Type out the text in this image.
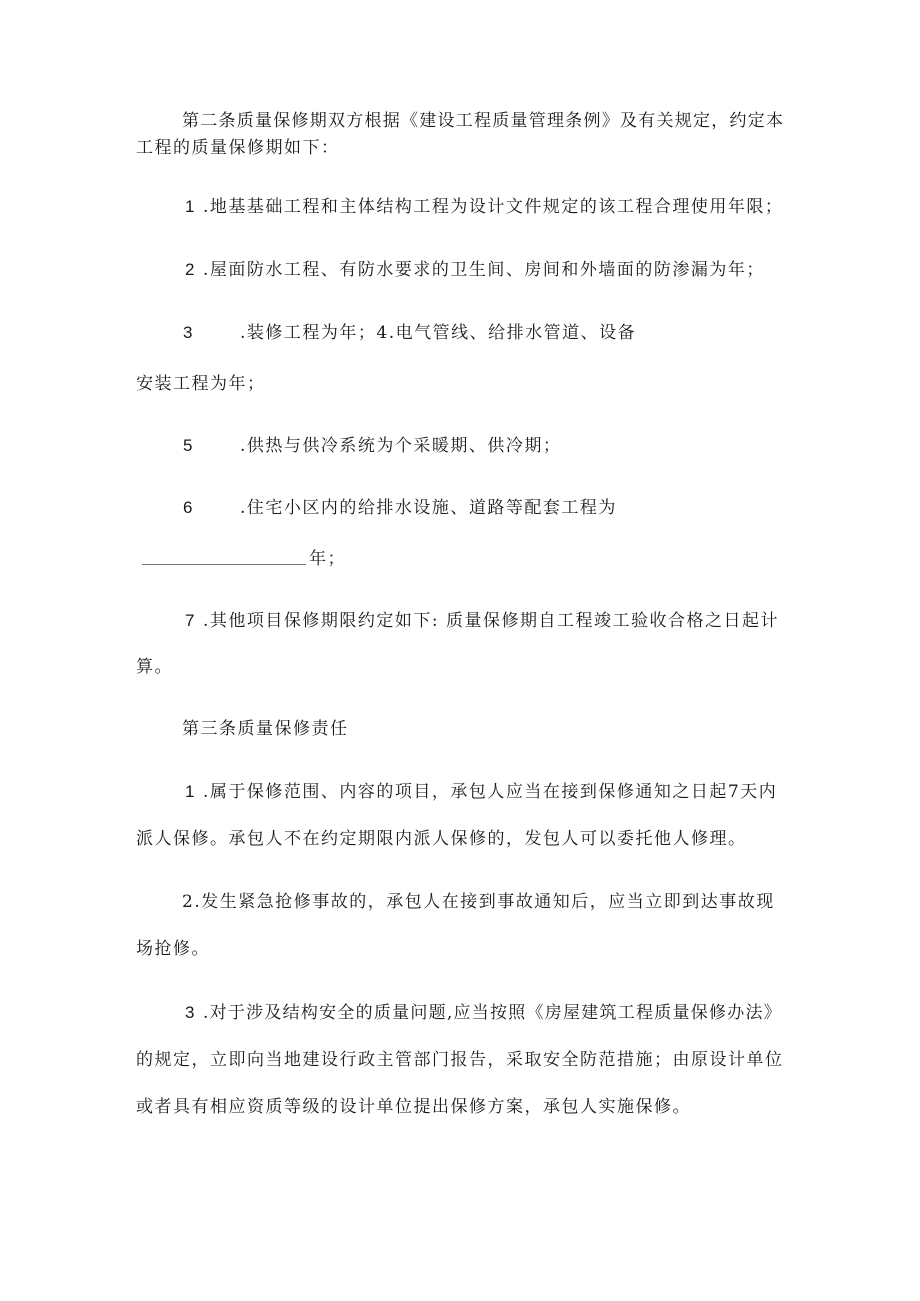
第二条质量保修期双方根据《建设工程质量管理条例》及有关规定，约定本

工程的质量保修期如下：

1 .地基基础工程和主体结构工程为设计文件规定的该工程合理使用年限；

2 .屋面防水工程、有防水要求的卫生间、房间和外墙面的防渗漏为年；

3	.装修工程为年；4.电气管线、给排水管道、设备

安装工程为年；

5	.供热与供冷系统为个采暖期、供冷期；

6	.住宅小区内的给排水设施、道路等配套工程为

年；

7 .其他项目保修期限约定如下: 质量保修期自工程竣工验收合格之日起计

算。

第三条质量保修责任

1 .属于保修范围、内容的项目，承包人应当在接到保修通知之日起7天内

派人保修。承包人不在约定期限内派人保修的，发包人可以委托他人修理。

2.发生紧急抢修事故的，承包人在接到事故通知后，应当立即到达事故现

场抢修。

3 .对于涉及结构安全的质量问题,应当按照《房屋建筑工程质量保修办法》

的规定，立即向当地建设行政主管部门报告，采取安全防范措施；由原设计单位

或者具有相应资质等级的设计单位提出保修方案，承包人实施保修。
